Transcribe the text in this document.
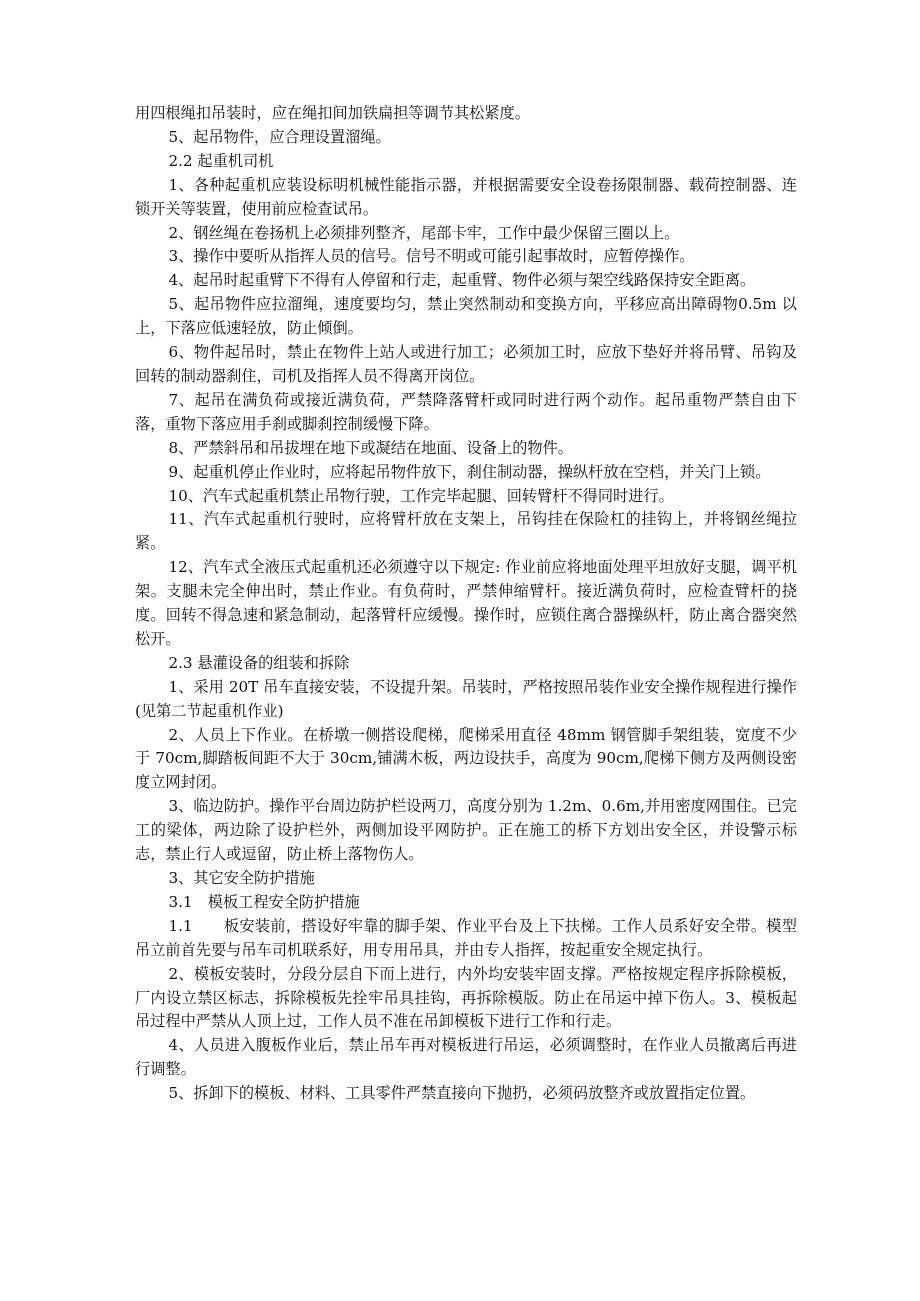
用四根绳扣吊装时，应在绳扣间加铁扁担等调节其松紧度。

5、起吊物件，应合理设置溜绳。

2.2 起重机司机

1、各种起重机应装设标明机械性能指示器，并根据需要安全设卷扬限制器、载荷控制器、连锁开关等装置，使用前应检查试吊。

2、钢丝绳在卷扬机上必须排列整齐，尾部卡牢，工作中最少保留三圈以上。

3、操作中要听从指挥人员的信号。信号不明或可能引起事故时，应暂停操作。

4、起吊时起重臂下不得有人停留和行走，起重臂、物件必须与架空线路保持安全距离。

5、起吊物件应拉溜绳，速度要均匀，禁止突然制动和变换方向，平移应高出障碍物0.5m 以上，下落应低速轻放，防止倾倒。

6、物件起吊时，禁止在物件上站人或进行加工；必须加工时，应放下垫好并将吊臂、吊钩及回转的制动器刹住，司机及指挥人员不得离开岗位。

7、起吊在满负荷或接近满负荷，严禁降落臂杆或同时进行两个动作。起吊重物严禁自由下落，重物下落应用手刹或脚刹控制缓慢下降。

8、严禁斜吊和吊拔埋在地下或凝结在地面、设备上的物件。

9、起重机停止作业时，应将起吊物件放下，刹住制动器，操纵杆放在空档，并关门上锁。

10、汽车式起重机禁止吊物行驶，工作完毕起腿、回转臂杆不得同时进行。

11、汽车式起重机行驶时，应将臂杆放在支架上，吊钩挂在保险杠的挂钩上，并将钢丝绳拉紧。

12、汽车式全液压式起重机还必须遵守以下规定: 作业前应将地面处理平坦放好支腿，调平机架。支腿未完全伸出时，禁止作业。有负荷时，严禁伸缩臂杆。接近满负荷时，应检查臂杆的挠度。回转不得急速和紧急制动，起落臂杆应缓慢。操作时，应锁住离合器操纵杆，防止离合器突然松开。

2.3 悬灌设备的组装和拆除

1、采用 20T 吊车直接安装，不设提升架。吊装时，严格按照吊装作业安全操作规程进行操作(见第二节起重机作业)

2、人员上下作业。在桥墩一侧搭设爬梯，爬梯采用直径 48mm 钢管脚手架组装，宽度不少于 70cm,脚踏板间距不大于 30cm,铺满木板，两边设扶手，高度为 90cm,爬梯下侧方及两侧设密度立网封闭。

3、临边防护。操作平台周边防护栏设两刀，高度分别为 1.2m、0.6m,并用密度网围住。已完工的梁体，两边除了设护栏外，两侧加设平网防护。正在施工的桥下方划出安全区，并设警示标志，禁止行人或逗留，防止桥上落物伤人。

3、其它安全防护措施

3.1　模板工程安全防护措施

1.1　　板安装前，搭设好牢靠的脚手架、作业平台及上下扶梯。工作人员系好安全带。模型吊立前首先要与吊车司机联系好，用专用吊具，并由专人指挥，按起重安全规定执行。

2、模板安装时，分段分层自下而上进行，内外均安装牢固支撑。严格按规定程序拆除模板，厂内设立禁区标志，拆除模板先拴牢吊具挂钩，再拆除模版。防止在吊运中掉下伤人。3、模板起吊过程中严禁从人顶上过，工作人员不准在吊卸模板下进行工作和行走。

4、人员进入腹板作业后，禁止吊车再对模板进行吊运，必须调整时，在作业人员撤离后再进行调整。

5、拆卸下的模板、材料、工具零件严禁直接向下抛扔，必须码放整齐或放置指定位置。
